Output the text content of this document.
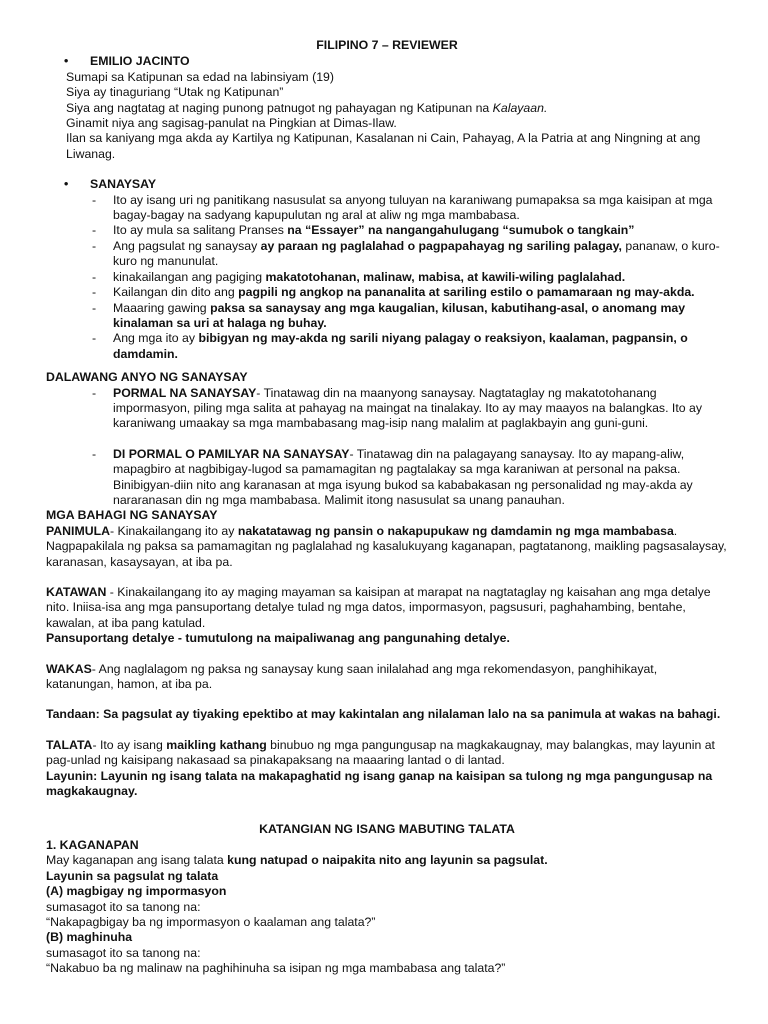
FILIPINO 7 – REVIEWER
•	EMILIO JACINTO

Sumapi sa Katipunan sa edad na labinsiyam (19)

Siya ay tinaguriang “Utak ng Katipunan”

Siya ang nagtatag at naging punong patnugot ng pahayagan ng Katipunan na Kalayaan.

Ginamit niya ang sagisag-panulat na Pingkian at Dimas-Ilaw.

Ilan sa kaniyang mga akda ay Kartilya ng Katipunan, Kasalanan ni Cain, Pahayag, A la Patria at ang Ningning at ang Liwanag.

•	SANAYSAY
- Ito ay isang uri ng panitikang nasusulat sa anyong tuluyan na karaniwang pumapaksa sa mga kaisipan at mga bagay-bagay na sadyang kapupulutan ng aral at aliw ng mga mambabasa.
- Ito ay mula sa salitang Pranses na “Essayer” na nangangahulugang “sumubok o tangkain”
- Ang pagsulat ng sanaysay ay paraan ng paglalahad o pagpapahayag ng sariling palagay, pananaw, o kuro-kuro ng manunulat.
- kinakailangan ang pagiging makatotohanan, malinaw, mabisa, at kawili-wiling paglalahad.
- Kailangan din dito ang pagpili ng angkop na pananalita at sariling estilo o pamamaraan ng may-akda.
- Maaaring gawing paksa sa sanaysay ang mga kaugalian, kilusan, kabutihang-asal, o anomang may kinalaman sa uri at halaga ng buhay.
- Ang mga ito ay bibigyan ng may-akda ng sarili niyang palagay o reaksiyon, kaalaman, pagpansin, o damdamin.

DALAWANG ANYO NG SANAYSAY

- PORMAL NA SANAYSAY- Tinatawag din na maanyong sanaysay. Nagtataglay ng makatotohanang impormasyon, piling mga salita at pahayag na maingat na tinalakay. Ito ay may maayos na balangkas. Ito ay karaniwang umaakay sa mga mambabasang mag-isip nang malalim at paglakbayin ang guni-guni.
- DI PORMAL O PAMILYAR NA SANAYSAY- Tinatawag din na palagayang sanaysay. Ito ay mapang-aliw, mapagbiro at nagbibigay-lugod sa pamamagitan ng pagtalakay sa mga karaniwan at personal na paksa. Binibigyan-diin nito ang karanasan at mga isyung bukod sa kababakasan ng personalidad ng may-akda ay nararanasan din ng mga mambabasa. Malimit itong nasusulat sa unang panauhan.

MGA BAHAGI NG SANAYSAY

PANIMULA- Kinakailangang ito ay nakatatawag ng pansin o nakapupukaw ng damdamin ng mga mambabasa. Nagpapakilala ng paksa sa pamamagitan ng paglalahad ng kasalukuyang kaganapan, pagtatanong, maikling pagsasalaysay, karanasan, kasaysayan, at iba pa.

KATAWAN - Kinakailangang ito ay maging mayaman sa kaisipan at marapat na nagtataglay ng kaisahan ang mga detalye nito. Iniisa-isa ang mga pansuportang detalye tulad ng mga datos, impormasyon, pagsusuri, paghahambing, bentahe, kawalan, at iba pang katulad.

Pansuportang detalye - tumutulong na maipaliwanag ang pangunahing detalye.

WAKAS- Ang naglalagom ng paksa ng sanaysay kung saan inilalahad ang mga rekomendasyon, panghihikayat, katanungan, hamon, at iba pa.

Tandaan: Sa pagsulat ay tiyaking epektibo at may kakintalan ang nilalaman lalo na sa panimula at wakas na bahagi.

TALATA- Ito ay isang maikling kathang binubuo ng mga pangungusap na magkakaugnay, may balangkas, may layunin at pag-unlad ng kaisipang nakasaad sa pinakapaksang na maaaring lantad o di lantad.

Layunin: Layunin ng isang talata na makapaghatid ng isang ganap na kaisipan sa tulong ng mga pangungusap na magkakaugnay.

KATANGIAN NG ISANG MABUTING TALATA

1. KAGANAPAN

May kaganapan ang isang talata kung natupad o naipakita nito ang layunin sa pagsulat.

Layunin sa pagsulat ng talata

(A) magbigay ng impormasyon

sumasagot ito sa tanong na:

“Nakapagbigay ba ng impormasyon o kaalaman ang talata?”

(B) maghinuha

sumasagot ito sa tanong na:

“Nakabuo ba ng malinaw na paghihinuha sa isipan ng mga mambabasa ang talata?”
